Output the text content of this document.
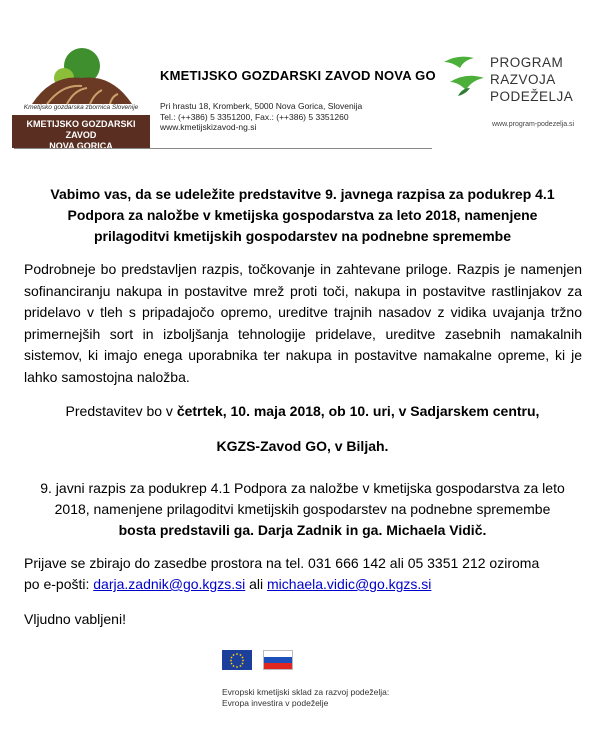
Kmetijsko gozdarska zbornica Slovenije
KMETIJSKO GOZDARSKI ZAVOD
NOVA GORICA
KMETIJSKO GOZDARSKI ZAVOD NOVA GO
Pri hrastu 18, Kromberk, 5000 Nova Gorica, Slovenija
Tel.: (++386) 5 3351200, Fax.: (++386) 5 3351260
www.kmetijskizavod-ng.si
PROGRAM
RAZVOJA
PODEŽELJA
www.program-podezelja.si
Vabimo vas, da se udeležite predstavitve 9. javnega razpisa za podukrep 4.1
Podpora za naložbe v kmetijska gospodarstva za leto 2018, namenjene
prilagoditvi kmetijskih gospodarstev na podnebne spremembe
Podrobneje bo predstavljen razpis, točkovanje in zahtevane priloge. Razpis je namenjen sofinanciranju nakupa in postavitve mrež proti toči, nakupa in postavitve rastlinjakov za pridelavo v tleh s pripadajočo opremo, ureditve trajnih nasadov z vidika uvajanja tržno primernejših sort in izboljšanja tehnologije pridelave, ureditve zasebnih namakalnih sistemov, ki imajo enega uporabnika ter nakupa in postavitve namakalne opreme, ki je lahko samostojna naložba.
Predstavitev bo v četrtek, 10. maja 2018, ob 10. uri, v Sadjarskem centru,
KGZS-Zavod GO, v Biljah.
9. javni razpis za podukrep 4.1 Podpora za naložbe v kmetijska gospodarstva za leto
2018, namenjene prilagoditvi kmetijskih gospodarstev na podnebne spremembe
bosta predstavili ga. Darja Zadnik in ga. Michaela Vidič.
Prijave se zbirajo do zasedbe prostora na tel. 031 666 142 ali 05 3351 212 oziroma
po e-pošti: darja.zadnik@go.kgzs.si ali michaela.vidic@go.kgzs.si
Vljudno vabljeni!
Evropski kmetijski sklad za razvoj podeželja:
Evropa investira v podeželje
